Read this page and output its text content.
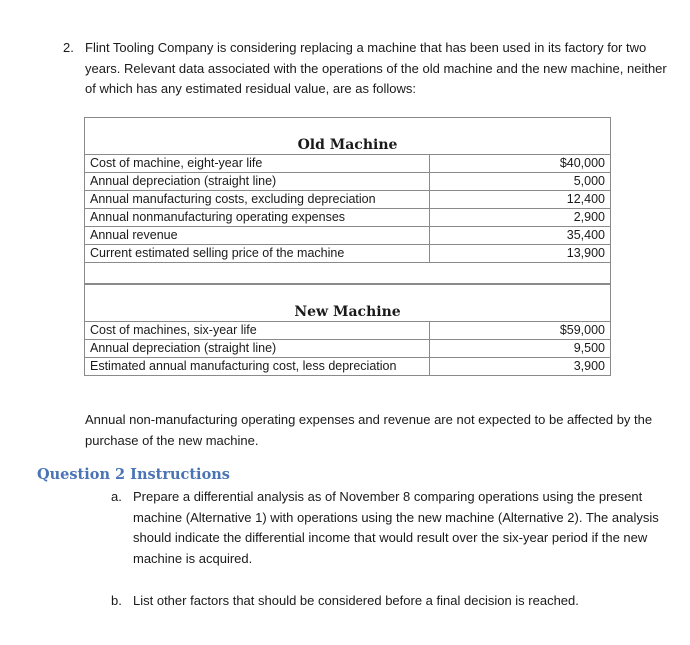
2. Flint Tooling Company is considering replacing a machine that has been used in its factory for two years. Relevant data associated with the operations of the old machine and the new machine, neither of which has any estimated residual value, are as follows:
Old Machine	
Cost of machine, eight-year life	$40,000
Annual depreciation (straight line)	5,000
Annual manufacturing costs, excluding depreciation	12,400
Annual nonmanufacturing operating expenses	2,900
Annual revenue	35,400
Current estimated selling price of the machine	13,900

New Machine	
Cost of machines, six-year life	$59,000
Annual depreciation (straight line)	9,500
Estimated annual manufacturing cost, less depreciation	3,900
Annual non-manufacturing operating expenses and revenue are not expected to be affected by the purchase of the new machine.
Question 2 Instructions
a. Prepare a differential analysis as of November 8 comparing operations using the present machine (Alternative 1) with operations using the new machine (Alternative 2). The analysis should indicate the differential income that would result over the six-year period if the new machine is acquired.
b. List other factors that should be considered before a final decision is reached.
